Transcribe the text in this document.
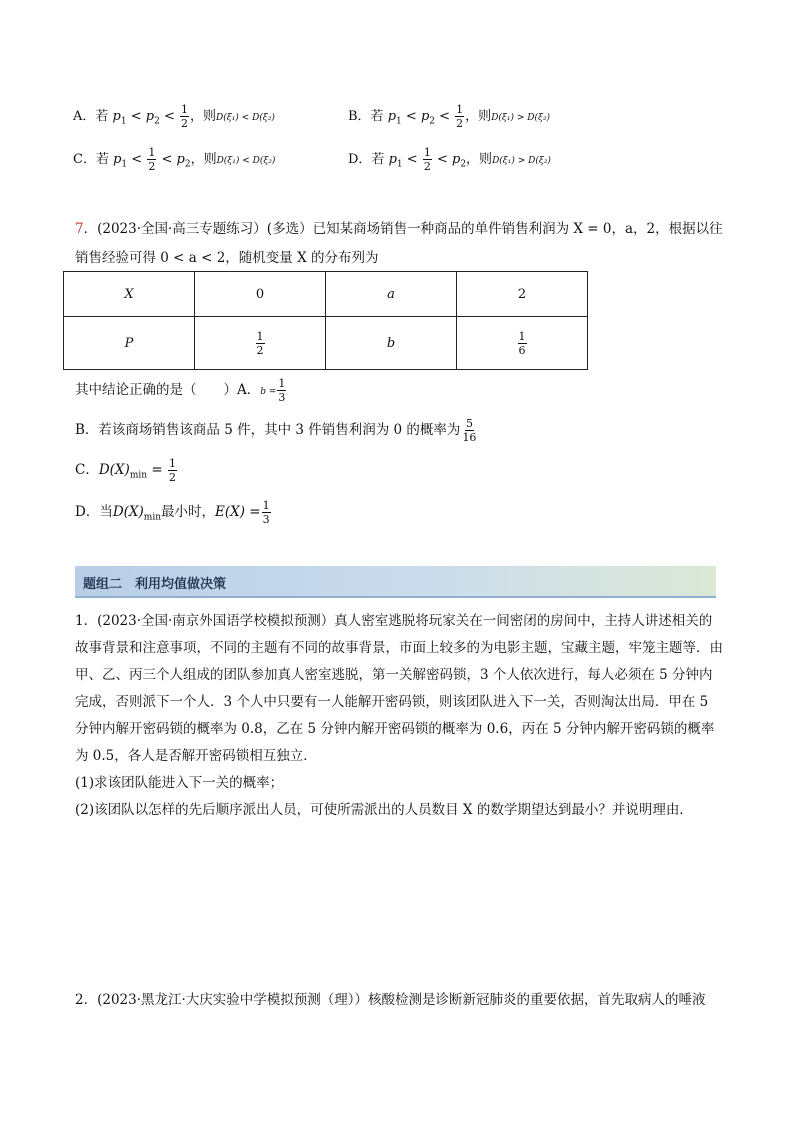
A．若 $p_1 < p_2 < \frac{1}{2}$ ，则D(ξ₁) < D(ξ₂)	B．若 $p_1 < p_2 < \frac{1}{2}$ ，则D(ξ₁) > D(ξ₂)
C．若 $p_1 < \frac{1}{2} < p_2$，则D(ξ₁) < D(ξ₂)	D．若 $p_1 < \frac{1}{2} < p_2$，则D(ξ₁) > D(ξ₂)
7．(2023·全国·高三专题练习）(多选）已知某商场销售一种商品的单件销售利润为 X = 0，a，2，根据以往
销售经验可得 0 < a < 2，随机变量 X 的分布列为
X	0	a	2
P	$\frac{1}{2}$	b	$\frac{1}{6}$
其中结论正确的是（　　）A．$b = \frac{1}{3}$
B．若该商场销售该商品 5 件，其中 3 件销售利润为 0 的概率为 $\frac{5}{16}$
C．$D(X)_{min} = \frac{1}{2}$
D．当$D(X)_{min}$最小时，$E(X) = \frac{1}{3}$
题组二　利用均值做决策
1．(2023·全国·南京外国语学校模拟预测）真人密室逃脱将玩家关在一间密闭的房间中，主持人讲述相关的
故事背景和注意事项，不同的主题有不同的故事背景，市面上较多的为电影主题，宝藏主题，牢笼主题等．由
甲、乙、丙三个人组成的团队参加真人密室逃脱，第一关解密码锁，3 个人依次进行，每人必须在 5 分钟内
完成，否则派下一个人．3 个人中只要有一人能解开密码锁，则该团队进入下一关，否则淘汰出局．甲在 5
分钟内解开密码锁的概率为 0.8，乙在 5 分钟内解开密码锁的概率为 0.6，丙在 5 分钟内解开密码锁的概率
为 0.5，各人是否解开密码锁相互独立．
(1)求该团队能进入下一关的概率；
(2)该团队以怎样的先后顺序派出人员，可使所需派出的人员数目 X 的数学期望达到最小？并说明理由．
2．(2023·黑龙江·大庆实验中学模拟预测（理））核酸检测是诊断新冠肺炎的重要依据，首先取病人的唾液
